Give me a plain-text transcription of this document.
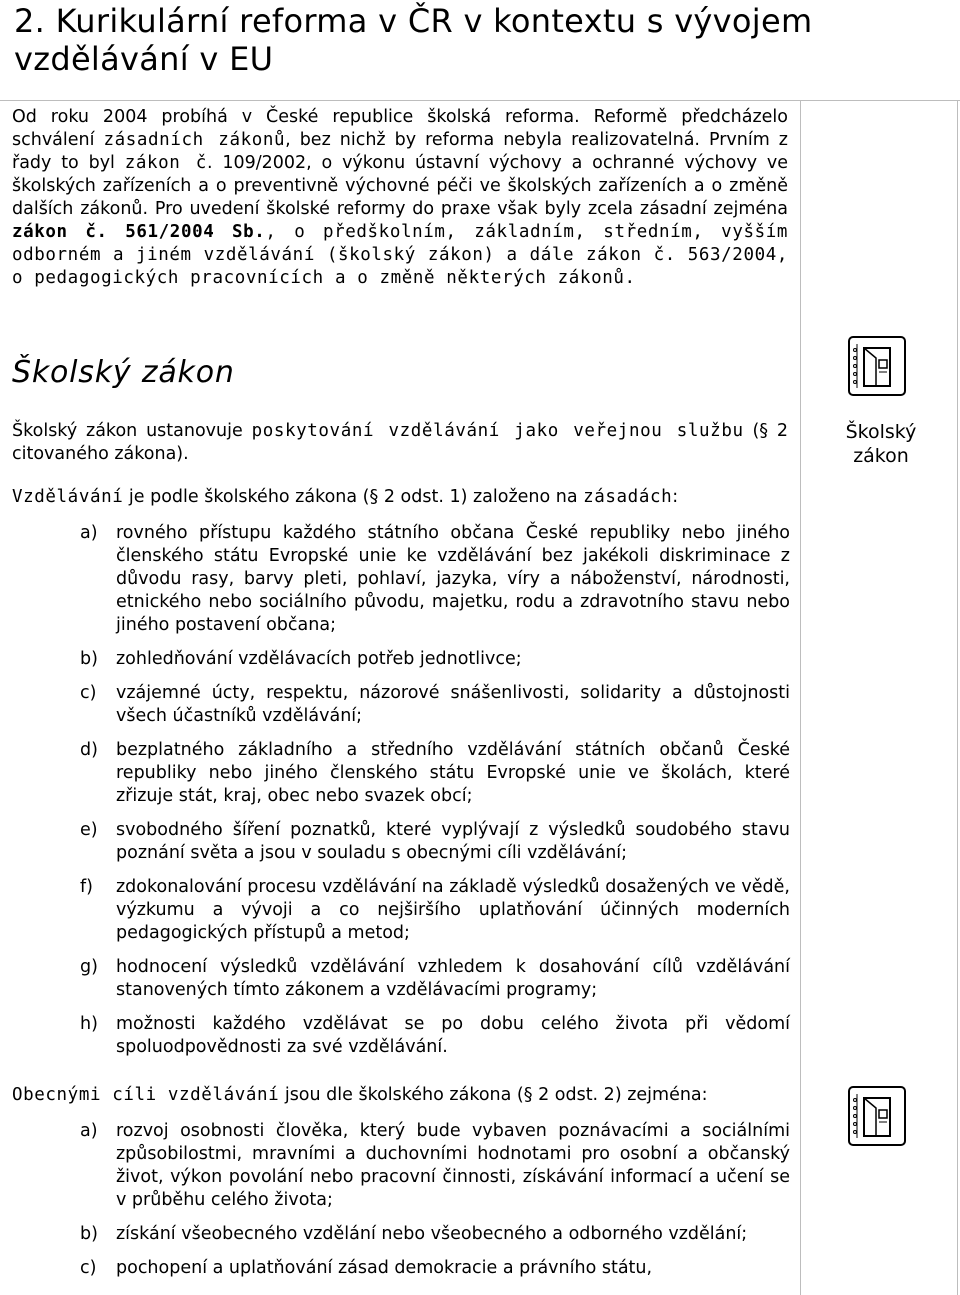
2. Kurikulární reforma v ČR v kontextu s vývojem
vzdělávání v EU

Od roku 2004 probíhá v České republice školská reforma. Reformě předcházelo schválení zásadních zákonů, bez nichž by reforma nebyla realizovatelná. Prvním z řady to byl zákon č. 109/2002, o výkonu ústavní výchovy a ochranné výchovy ve školských zařízeních a o preventivně výchovné péči ve školských zařízeních a o změně dalších zákonů. Pro uvedení školské reformy do praxe však byly zcela zásadní zejména zákon č. 561/2004 Sb., o předškolním, základním, středním, vyšším odborném a jiném vzdělávání (školský zákon) a dále zákon č. 563/2004, o pedagogických pracovnících a o změně některých zákonů.

Školský zákon
Školský
zákon

Školský zákon ustanovuje poskytování vzdělávání jako veřejnou službu (§ 2 citovaného zákona).

Vzdělávání je podle školského zákona (§ 2 odst. 1) založeno na zásadách:

a) rovného přístupu každého státního občana České republiky nebo jiného členského státu Evropské unie ke vzdělávání bez jakékoli diskriminace z důvodu rasy, barvy pleti, pohlaví, jazyka, víry a náboženství, národnosti, etnického nebo sociálního původu, majetku, rodu a zdravotního stavu nebo jiného postavení občana;
b) zohledňování vzdělávacích potřeb jednotlivce;
c) vzájemné úcty, respektu, názorové snášenlivosti, solidarity a důstojnosti všech účastníků vzdělávání;
d) bezplatného základního a středního vzdělávání státních občanů České republiky nebo jiného členského státu Evropské unie ve školách, které zřizuje stát, kraj, obec nebo svazek obcí;
e) svobodného šíření poznatků, které vyplývají z výsledků soudobého stavu poznání světa a jsou v souladu s obecnými cíli vzdělávání;
f) zdokonalování procesu vzdělávání na základě výsledků dosažených ve vědě, výzkumu a vývoji a co nejširšího uplatňování účinných moderních pedagogických přístupů a metod;
g) hodnocení výsledků vzdělávání vzhledem k dosahování cílů vzdělávání stanovených tímto zákonem a vzdělávacími programy;
h) možnosti každého vzdělávat se po dobu celého života při vědomí spoluodpovědnosti za své vzdělávání.

Obecnými cíli vzdělávání jsou dle školského zákona (§ 2 odst. 2) zejména:

a) rozvoj osobnosti člověka, který bude vybaven poznávacími a sociálními způsobilostmi, mravními a duchovními hodnotami pro osobní a občanský život, výkon povolání nebo pracovní činnosti, získávání informací a učení se v průběhu celého života;
b) získání všeobecného vzdělání nebo všeobecného a odborného vzdělání;
c) pochopení a uplatňování zásad demokracie a právního státu,
